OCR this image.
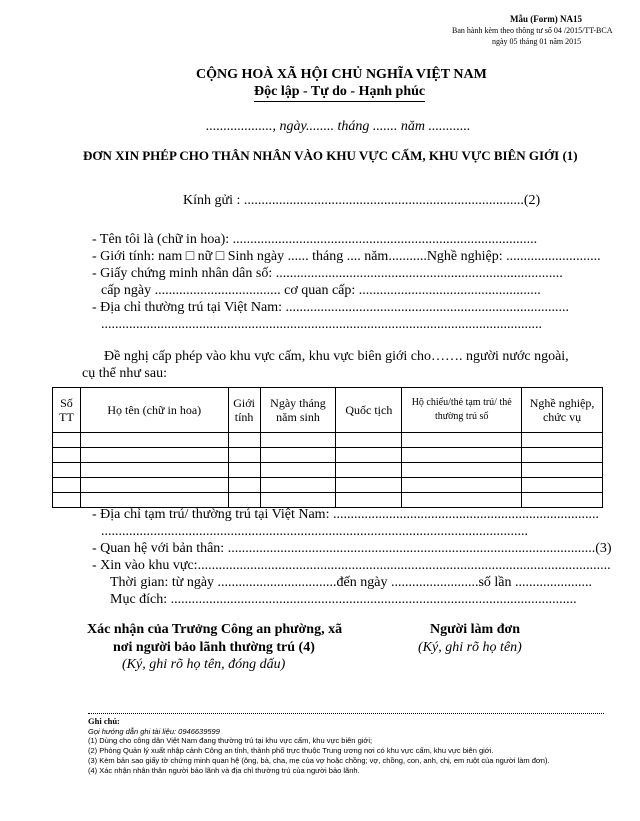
Mẫu (Form) NA15
Ban hành kèm theo thông tư số 04 /2015/TT-BCA
ngày 05 tháng 01 năm 2015
CỘNG HOÀ XÃ HỘI CHỦ NGHĨA VIỆT NAM
Độc lập - Tự do - Hạnh phúc
..................., ngày........ tháng ....... năm ............
ĐƠN XIN PHÉP CHO THÂN NHÂN VÀO KHU VỰC CẤM, KHU VỰC BIÊN GIỚI (1)
Kính gửi : ................................................................................(2)
- Tên tôi là (chữ in hoa): .......................................................................................
- Giới tính: nam □ nữ □ Sinh ngày ...... tháng .... năm...........Nghề nghiệp: ...........................
- Giấy chứng minh nhân dân số: ..................................................................................
cấp ngày .................................... cơ quan cấp: ....................................................
- Địa chỉ thường trú tại Việt Nam: .................................................................................
..............................................................................................................................
Đề nghị cấp phép vào khu vực cấm, khu vực biên giới cho……. người nước ngoài,
cụ thể như sau:
Số TT	Họ tên (chữ in hoa)	Giới tính	Ngày tháng năm sinh	Quốc tịch	Hộ chiếu/thẻ tạm trú/ thẻ thường trú số	Nghề nghiệp, chức vụ

- Địa chỉ tạm trú/ thường trú tại Việt Nam: ............................................................................
..........................................................................................................................
- Quan hệ với bản thân: .........................................................................................................(3)
- Xin vào khu vực:......................................................................................................................
Thời gian: từ ngày ..................................đến ngày .........................số lần ......................
Mục đích: ....................................................................................................................
Xác nhận của Trưởng Công an phường, xã
nơi người bảo lãnh thường trú (4)
(Ký, ghi rõ họ tên, đóng dấu)
Người làm đơn
(Ký, ghi rõ họ tên)
Ghi chú:
Gọi hướng dẫn ghi tài liệu: 0946639599
(1) Dùng cho công dân Việt Nam đang thường trú tại khu vực cấm, khu vực biên giới;
(2) Phòng Quản lý xuất nhập cảnh Công an tỉnh, thành phố trực thuộc Trung ương nơi có khu vực cấm, khu vực biên giới.
(3) Kèm bản sao giấy tờ chứng minh quan hệ (ông, bà, cha, mẹ của vợ hoặc chồng; vợ, chồng, con, anh, chị, em ruột của người làm đơn).
(4) Xác nhận nhân thân người bảo lãnh và địa chỉ thường trú của người bảo lãnh.
